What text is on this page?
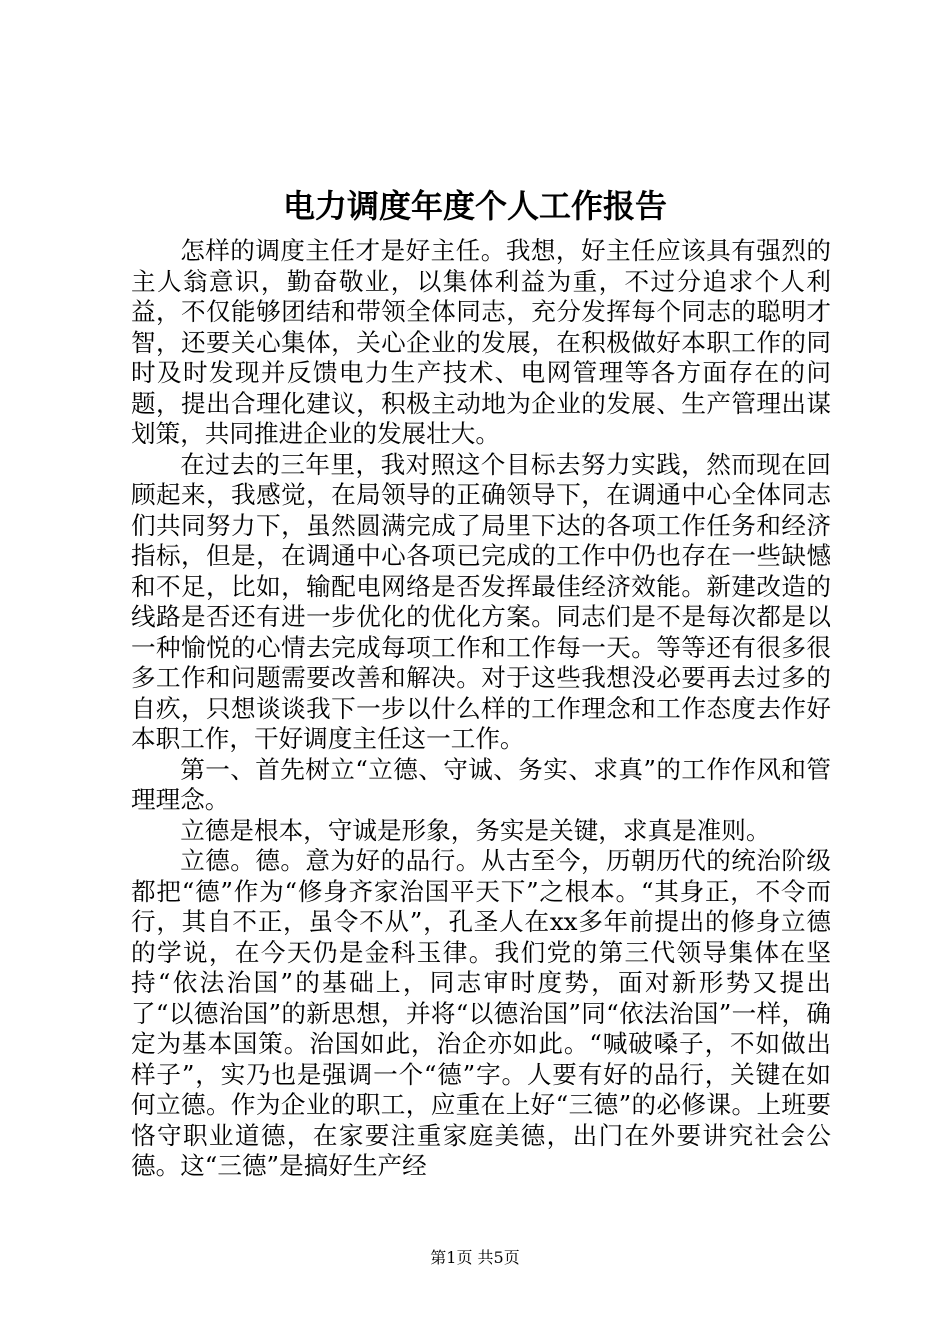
电力调度年度个人工作报告

怎样的调度主任才是好主任。我想，好主任应该具有强烈的主人翁意识，勤奋敬业，以集体利益为重，不过分追求个人利益，不仅能够团结和带领全体同志，充分发挥每个同志的聪明才智，还要关心集体，关心企业的发展，在积极做好本职工作的同时及时发现并反馈电力生产技术、电网管理等各方面存在的问题，提出合理化建议，积极主动地为企业的发展、生产管理出谋划策，共同推进企业的发展壮大。

在过去的三年里，我对照这个目标去努力实践，然而现在回顾起来，我感觉，在局领导的正确领导下，在调通中心全体同志们共同努力下，虽然圆满完成了局里下达的各项工作任务和经济指标，但是，在调通中心各项已完成的工作中仍也存在一些缺憾和不足，比如，输配电网络是否发挥最佳经济效能。新建改造的线路是否还有进一步优化的优化方案。同志们是不是每次都是以一种愉悦的心情去完成每项工作和工作每一天。等等还有很多很多工作和问题需要改善和解决。对于这些我想没必要再去过多的自疚，只想谈谈我下一步以什么样的工作理念和工作态度去作好本职工作，干好调度主任这一工作。

第一、首先树立“立德、守诚、务实、求真”的工作作风和管理理念。

立德是根本，守诚是形象，务实是关键，求真是准则。

立德。德。意为好的品行。从古至今，历朝历代的统治阶级都把“德”作为“修身齐家治国平天下”之根本。“其身正，不令而行，其自不正，虽令不从”，孔圣人在xx多年前提出的修身立德的学说，在今天仍是金科玉律。我们党的第三代领导集体在坚持“依法治国”的基础上，同志审时度势，面对新形势又提出了“以德治国”的新思想，并将“以德治国”同“依法治国”一样，确定为基本国策。治国如此，治企亦如此。“喊破嗓子，不如做出样子”，实乃也是强调一个“德”字。人要有好的品行，关键在如何立德。作为企业的职工，应重在上好“三德”的必修课。上班要恪守职业道德，在家要注重家庭美德，出门在外要讲究社会公德。这“三德”是搞好生产经

第1页 共5页
